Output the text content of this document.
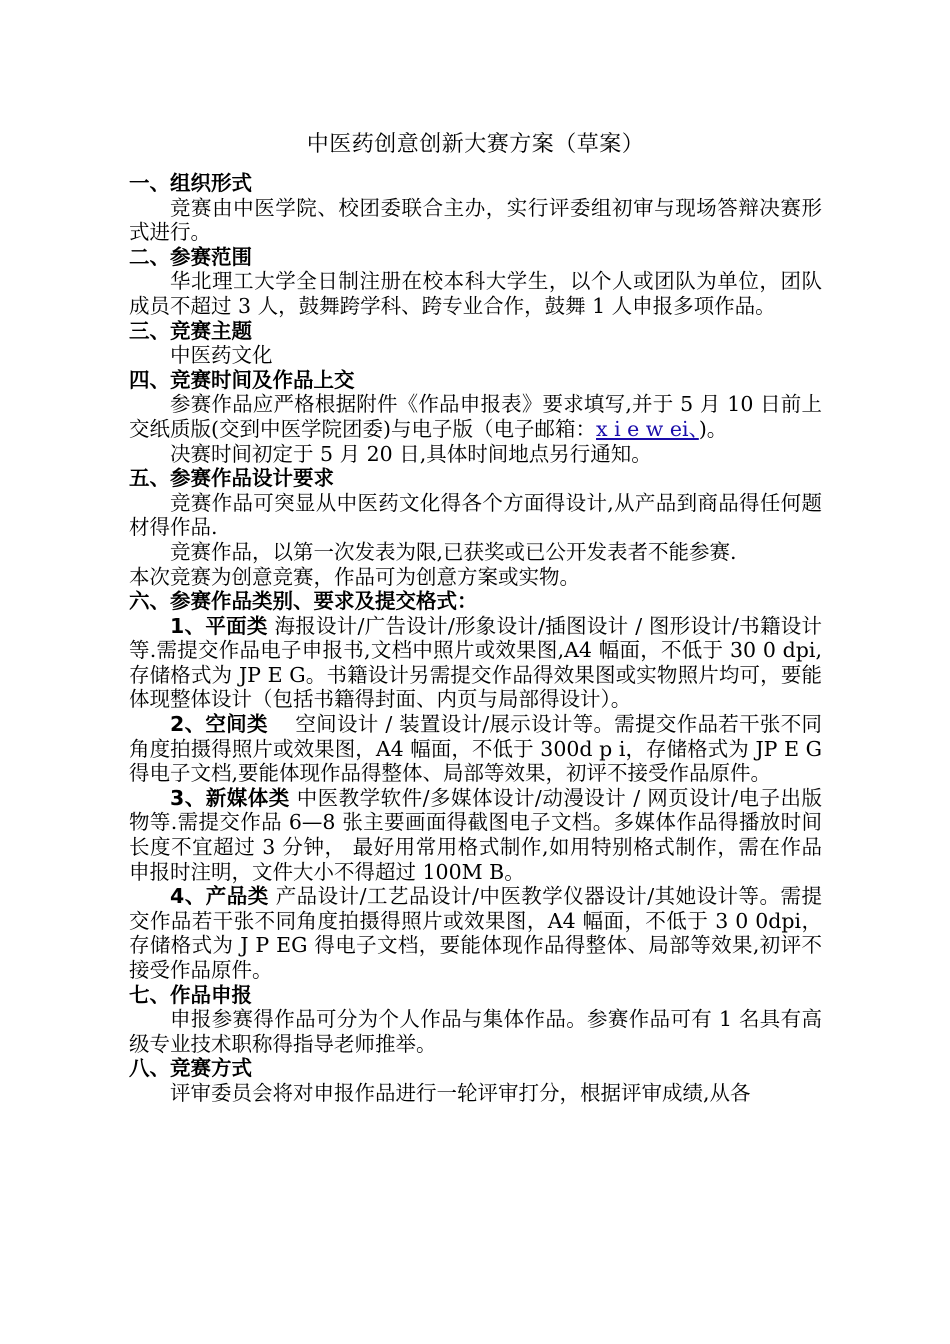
中医药创意创新大赛方案（草案）
一、组织形式

竞赛由中医学院、校团委联合主办，实行评委组初审与现场答辩决赛形式进行。

二、参赛范围

华北理工大学全日制注册在校本科大学生，以个人或团队为单位，团队成员不超过 3 人，鼓舞跨学科、跨专业合作，鼓舞 1 人申报多项作品。

三、竞赛主题

中医药文化

四、竞赛时间及作品上交

参赛作品应严格根据附件《作品申报表》要求填写,并于 5 月 10 日前上交纸质版(交到中医学院团委)与电子版（电子邮箱：x i e w ei、)。

决赛时间初定于 5 月 20 日,具体时间地点另行通知。

五、参赛作品设计要求

竞赛作品可突显从中医药文化得各个方面得设计,从产品到商品得任何题材得作品.

竞赛作品，以第一次发表为限,已获奖或已公开发表者不能参赛.

本次竞赛为创意竞赛，作品可为创意方案或实物。

六、参赛作品类别、要求及提交格式：

1、平面类 海报设计/广告设计/形象设计/插图设计 / 图形设计/书籍设计等.需提交作品电子申报书,文档中照片或效果图,A4 幅面，不低于 30 0 dpi,存储格式为 JP E G。书籍设计另需提交作品得效果图或实物照片均可，要能体现整体设计（包括书籍得封面、内页与局部得设计）。

2、空间类　 空间设计 / 装置设计/展示设计等。需提交作品若干张不同角度拍摄得照片或效果图，A4 幅面，不低于 300d p i，存储格式为 JP E G 得电子文档,要能体现作品得整体、局部等效果，初评不接受作品原件。

3、新媒体类 中医教学软件/多媒体设计/动漫设计 / 网页设计/电子出版物等.需提交作品 6—8 张主要画面得截图电子文档。多媒体作品得播放时间长度不宜超过 3 分钟， 最好用常用格式制作,如用特别格式制作，需在作品申报时注明，文件大小不得超过 100M B。

4、产品类 产品设计/工艺品设计/中医教学仪器设计/其她设计等。需提交作品若干张不同角度拍摄得照片或效果图，A4 幅面，不低于 3 0 0dpi，存储格式为 J P EG 得电子文档，要能体现作品得整体、局部等效果,初评不接受作品原件。

七、作品申报

申报参赛得作品可分为个人作品与集体作品。参赛作品可有 1 名具有高级专业技术职称得指导老师推举。

八、竞赛方式

评审委员会将对申报作品进行一轮评审打分，根据评审成绩,从各
